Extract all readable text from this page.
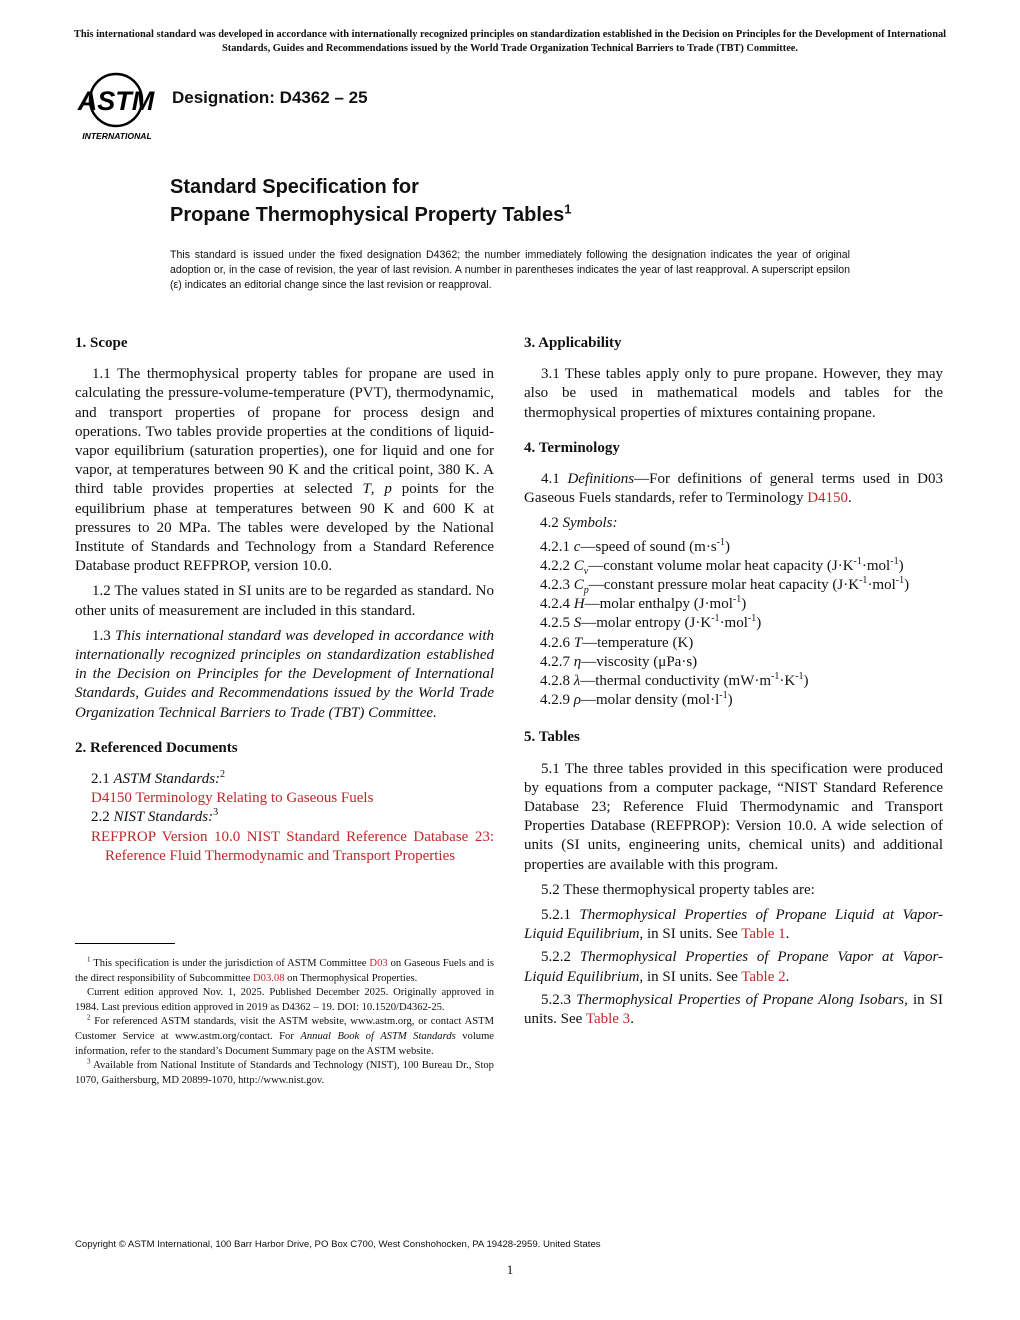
This international standard was developed in accordance with internationally recognized principles on standardization established in the Decision on Principles for the Development of International Standards, Guides and Recommendations issued by the World Trade Organization Technical Barriers to Trade (TBT) Committee.
ASTM
INTERNATIONAL
Designation: D4362 – 25
Standard Specification for
Propane Thermophysical Property Tables$^1$
This standard is issued under the fixed designation D4362; the number immediately following the designation indicates the year of original adoption or, in the case of revision, the year of last revision. A number in parentheses indicates the year of last reapproval. A superscript epsilon (ε) indicates an editorial change since the last revision or reapproval.
1. Scope

1.1 The thermophysical property tables for propane are used in calculating the pressure-volume-temperature (PVT), thermodynamic, and transport properties of propane for process design and operations. Two tables provide properties at the conditions of liquid-vapor equilibrium (saturation properties), one for liquid and one for vapor, at temperatures between 90 K and the critical point, 380 K. A third table provides properties at selected T, p points for the equilibrium phase at temperatures between 90 K and 600 K at pressures to 20 MPa. The tables were developed by the National Institute of Standards and Technology from a Standard Reference Database product REFPROP, version 10.0.

1.2 The values stated in SI units are to be regarded as standard. No other units of measurement are included in this standard.

1.3 This international standard was developed in accordance with internationally recognized principles on standardization established in the Decision on Principles for the Development of International Standards, Guides and Recommendations issued by the World Trade Organization Technical Barriers to Trade (TBT) Committee.

2. Referenced Documents

2.1 ASTM Standards:$^2$

D4150 Terminology Relating to Gaseous Fuels

2.2 NIST Standards:$^3$

REFPROP Version 10.0 NIST Standard Reference Database 23: Reference Fluid Thermodynamic and Transport Properties

$^1$ This specification is under the jurisdiction of ASTM Committee D03 on Gaseous Fuels and is the direct responsibility of Subcommittee D03.08 on Thermophysical Properties.

Current edition approved Nov. 1, 2025. Published December 2025. Originally approved in 1984. Last previous edition approved in 2019 as D4362 – 19. DOI: 10.1520/D4362-25.

$^2$ For referenced ASTM standards, visit the ASTM website, www.astm.org, or contact ASTM Customer Service at www.astm.org/contact. For Annual Book of ASTM Standards volume information, refer to the standard’s Document Summary page on the ASTM website.

$^3$ Available from National Institute of Standards and Technology (NIST), 100 Bureau Dr., Stop 1070, Gaithersburg, MD 20899-1070, http://www.nist.gov.

3. Applicability

3.1 These tables apply only to pure propane. However, they may also be used in mathematical models and tables for the thermophysical properties of mixtures containing propane.

4. Terminology

4.1 Definitions—For definitions of general terms used in D03 Gaseous Fuels standards, refer to Terminology D4150.

4.2 Symbols:

4.2.1 c—speed of sound $(m\cdot s^{-1})$

4.2.2 $C_v—constant$ volume molar heat capacity $(J\cdot K^{-1}\cdot mol^{-1})$

4.2.3 $C_p—constant$ pressure molar heat capacity $(J\cdot K^{-1}\cdot mol^{-1})$

4.2.4 H—molar enthalpy (J·mol$^{-1}$)

4.2.5 S—molar entropy $(J\cdot K^{-1}\cdot mol^{-1})$

4.2.6 T—temperature (K)

4.2.7 η—viscosity (μPa·s)

4.2.8 λ—thermal conductivity $(mW\cdot m^{-1}\cdot K^{-1})$

4.2.9 ρ—molar density $(mol\cdot l^{-1})$

5. Tables

5.1 The three tables provided in this specification were produced by equations from a computer package, “NIST Standard Reference Database 23; Reference Fluid Thermodynamic and Transport Properties Database (REFPROP): Version 10.0. A wide selection of units (SI units, engineering units, chemical units) and additional properties are available with this program.

5.2 These thermophysical property tables are:

5.2.1 Thermophysical Properties of Propane Liquid at Vapor-Liquid Equilibrium, in SI units. See Table 1.

5.2.2 Thermophysical Properties of Propane Vapor at Vapor-Liquid Equilibrium, in SI units. See Table 2.

5.2.3 Thermophysical Properties of Propane Along Isobars, in SI units. See Table 3.

Copyright © ASTM International, 100 Barr Harbor Drive, PO Box C700, West Conshohocken, PA 19428-2959. United States
1
